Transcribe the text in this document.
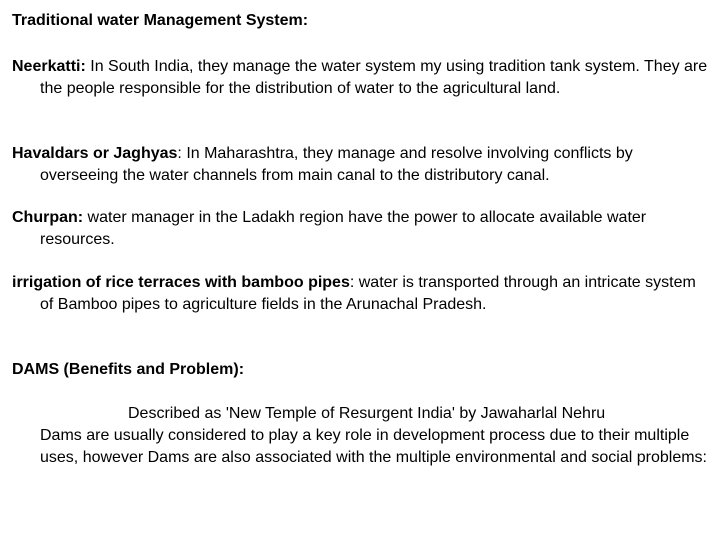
Traditional water Management System:

Neerkatti: In South India, they manage the water system my using tradition tank system. They are the people responsible for the distribution of water to the agricultural land.

Havaldars or Jaghyas: In Maharashtra, they manage and resolve involving conflicts by overseeing the water channels from main canal to the distributory canal.

Churpan: water manager in the Ladakh region have the power to allocate available water resources.

irrigation of rice terraces with bamboo pipes: water is transported through an intricate system of Bamboo pipes to agriculture fields in the Arunachal Pradesh.

DAMS (Benefits and Problem):

Described as 'New Temple of Resurgent India' by Jawaharlal Nehru
Dams are usually considered to play a key role in development process due to their multiple uses, however Dams are also associated with the multiple environmental and social problems:
